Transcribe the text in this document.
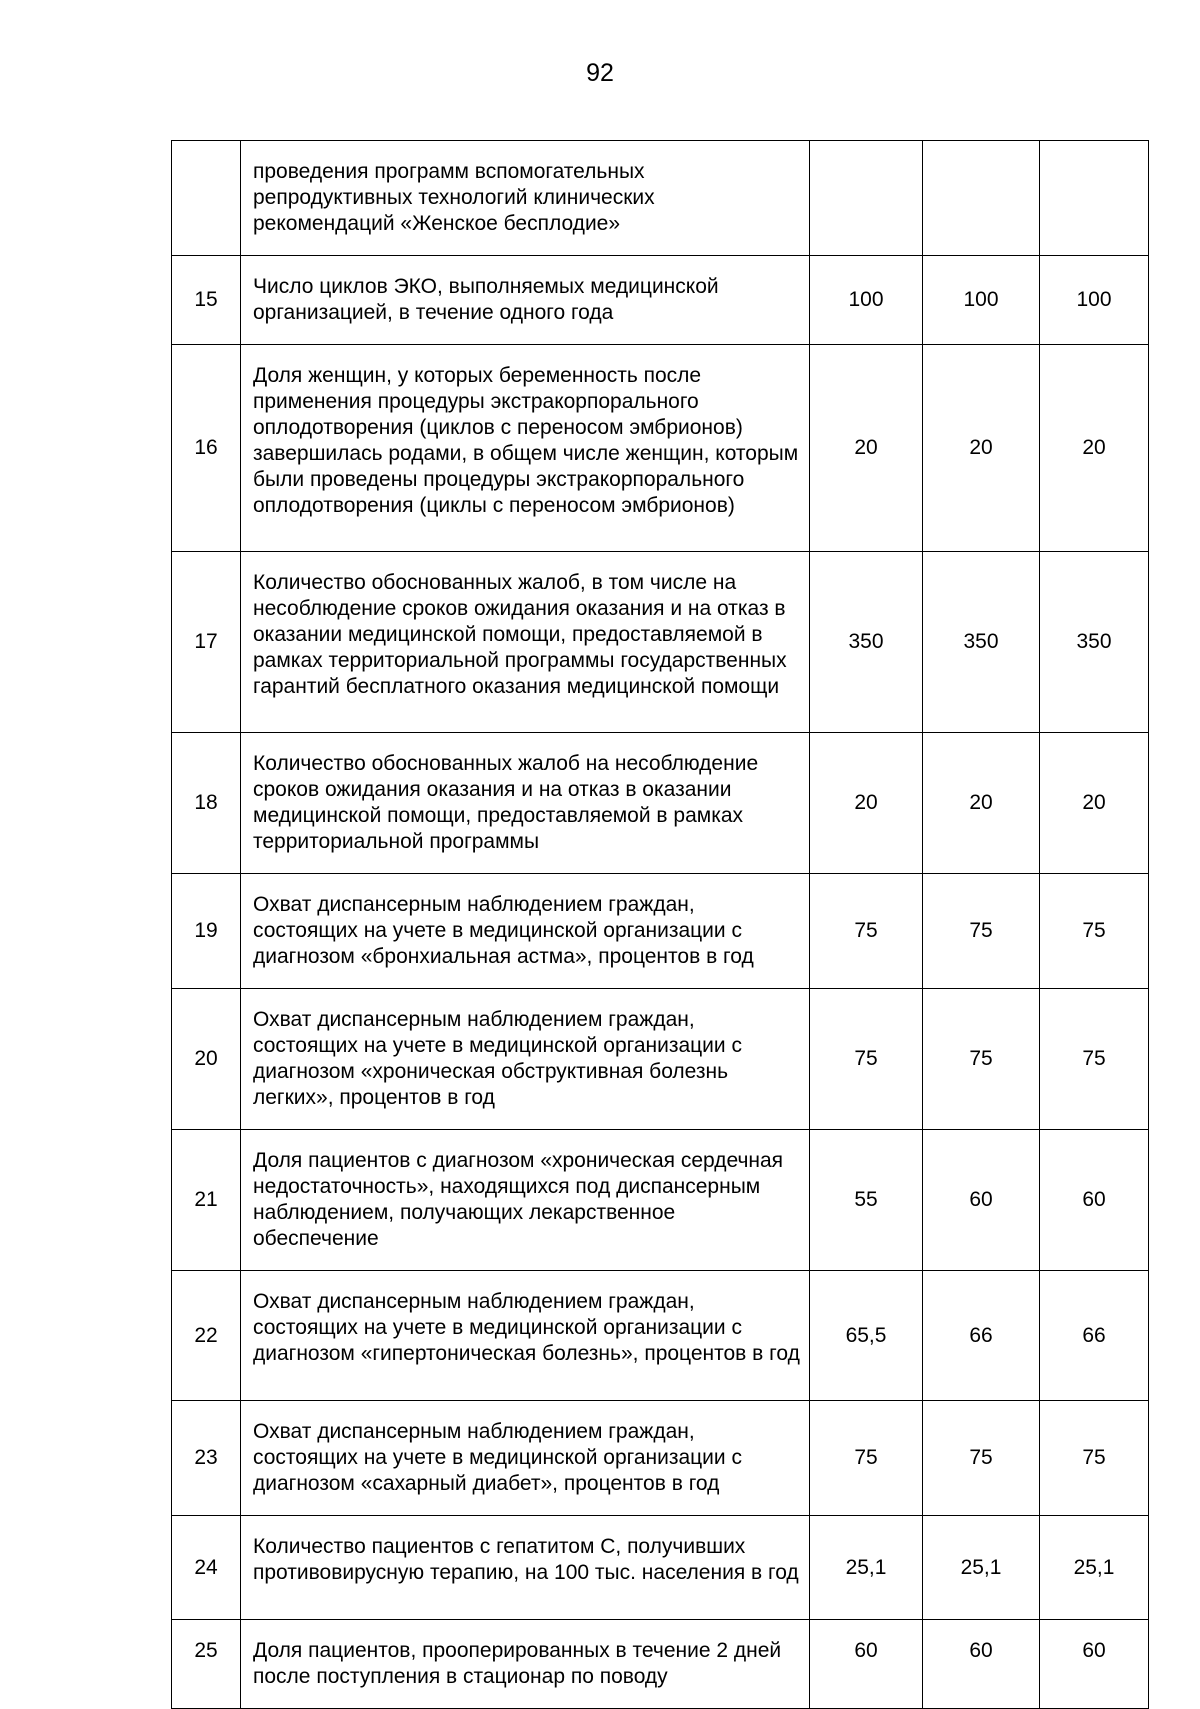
92
	проведения программ вспомогательных репродуктивных технологий клинических рекомендаций «Женское бесплодие»			
15	Число циклов ЭКО, выполняемых медицинской организацией, в течение одного года	100	100	100
16	Доля женщин, у которых беременность после применения процедуры экстракорпорального оплодотворения (циклов с переносом эмбрионов) завершилась родами, в общем числе женщин, которым были проведены процедуры экстракорпорального оплодотворения (циклы с переносом эмбрионов)	20	20	20
17	Количество обоснованных жалоб, в том числе на несоблюдение сроков ожидания оказания и на отказ в оказании медицинской помощи, предоставляемой в рамках территориальной программы государственных гарантий бесплатного оказания медицинской помощи	350	350	350
18	Количество обоснованных жалоб на несоблюдение сроков ожидания оказания и на отказ в оказании медицинской помощи, предоставляемой в рамках территориальной программы	20	20	20
19	Охват диспансерным наблюдением граждан, состоящих на учете в медицинской организации с диагнозом «бронхиальная астма», процентов в год	75	75	75
20	Охват диспансерным наблюдением граждан, состоящих на учете в медицинской организации с диагнозом «хроническая обструктивная болезнь легких», процентов в год	75	75	75
21	Доля пациентов с диагнозом «хроническая сердечная недостаточность», находящихся под диспансерным наблюдением, получающих лекарственное обеспечение	55	60	60
22	Охват диспансерным наблюдением граждан, состоящих на учете в медицинской организации с диагнозом «гипертоническая болезнь», процентов в год	65,5	66	66
23	Охват диспансерным наблюдением граждан, состоящих на учете в медицинской организации с диагнозом «сахарный диабет», процентов в год	75	75	75
24	Количество пациентов с гепатитом С, получивших противовирусную терапию, на 100 тыс. населения в год	25,1	25,1	25,1
25	Доля пациентов, прооперированных в течение 2 дней после поступления в стационар по поводу	60	60	60
